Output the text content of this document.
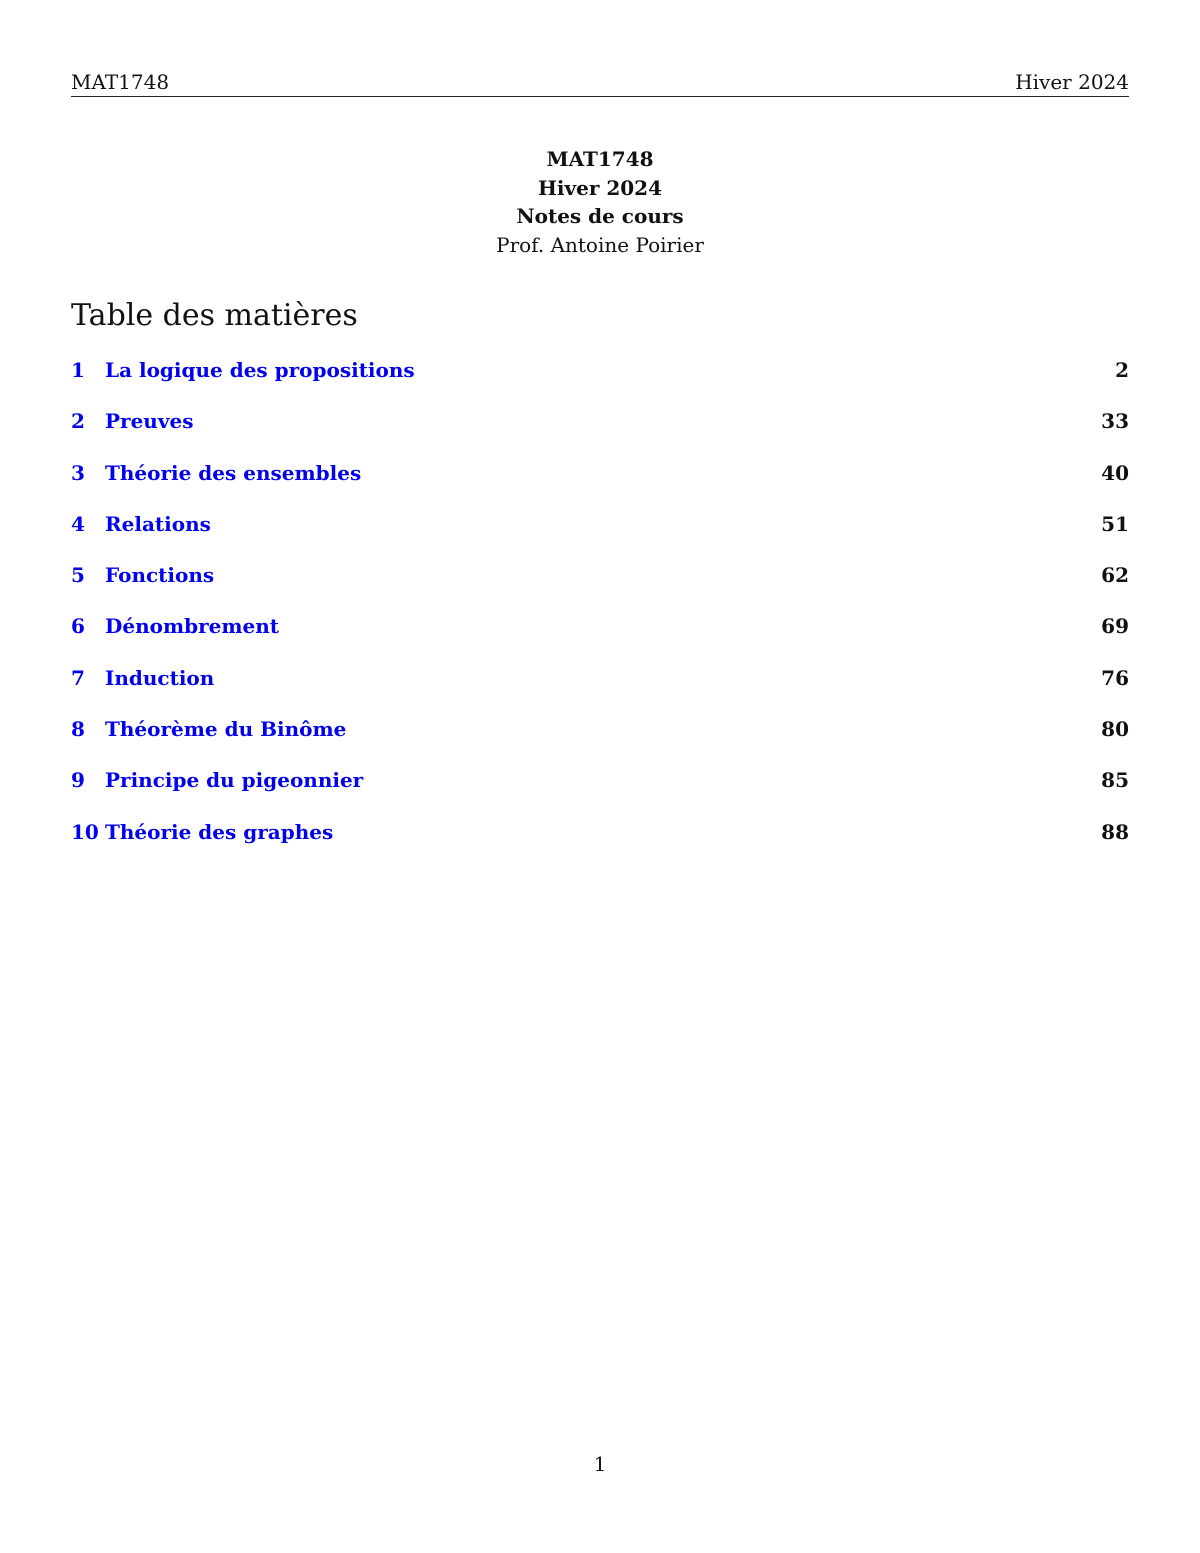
MAT1748	Hiver 2024
MAT1748
Hiver 2024
Notes de cours
Prof. Antoine Poirier
Table des matières
1 La logique des propositions	2
2 Preuves	33
3 Théorie des ensembles	40
4 Relations	51
5 Fonctions	62
6 Dénombrement	69
7 Induction	76
8 Théorème du Binôme	80
9 Principe du pigeonnier	85
10 Théorie des graphes	88
1
